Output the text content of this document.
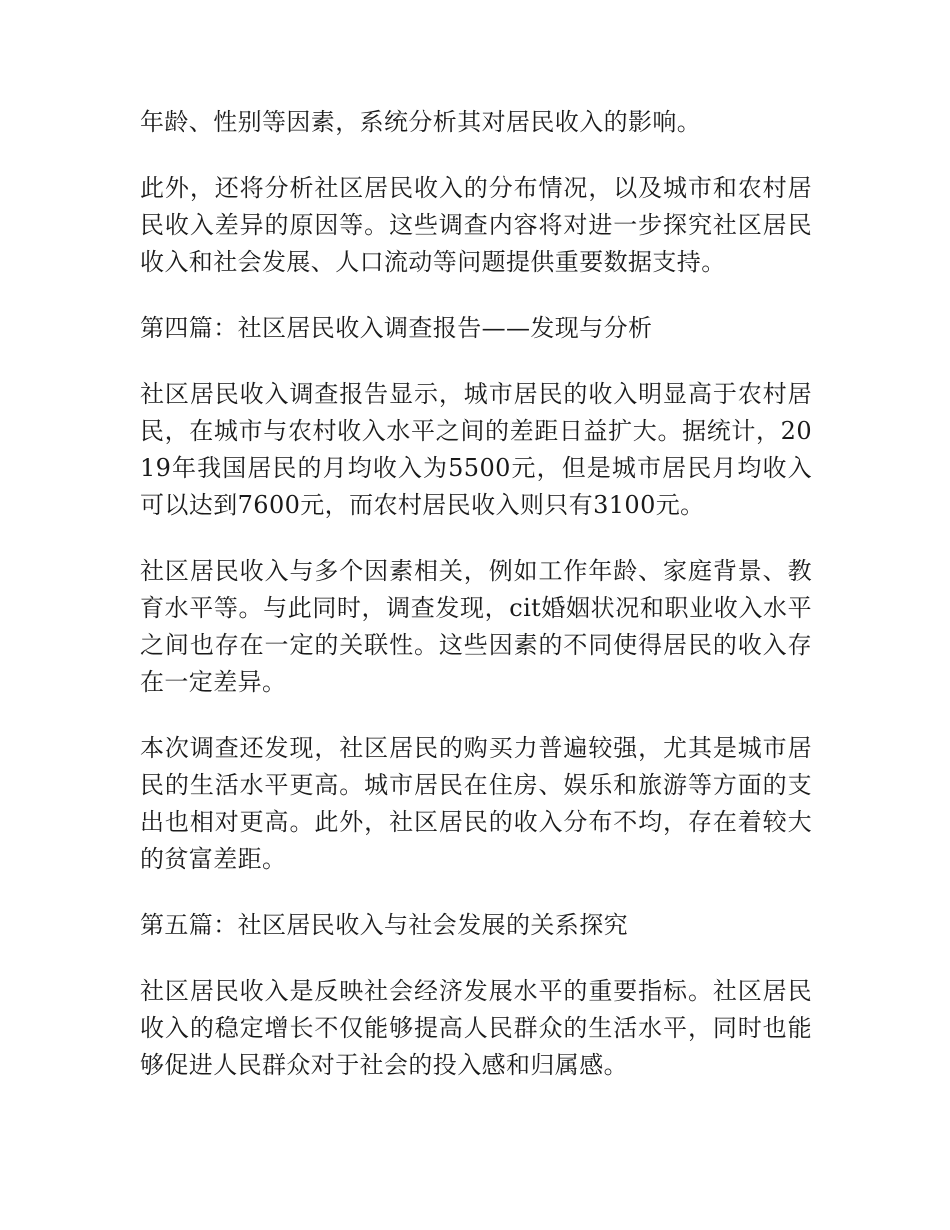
年龄、性别等因素，系统分析其对居民收入的影响。

此外，还将分析社区居民收入的分布情况，以及城市和农村居民收入差异的原因等。这些调查内容将对进一步探究社区居民收入和社会发展、人口流动等问题提供重要数据支持。

第四篇：社区居民收入调查报告——发现与分析

社区居民收入调查报告显示，城市居民的收入明显高于农村居民，在城市与农村收入水平之间的差距日益扩大。据统计，2019年我国居民的月均收入为5500元，但是城市居民月均收入可以达到7600元，而农村居民收入则只有3100元。

社区居民收入与多个因素相关，例如工作年龄、家庭背景、教育水平等。与此同时，调查发现，cit婚姻状况和职业收入水平之间也存在一定的关联性。这些因素的不同使得居民的收入存在一定差异。

本次调查还发现，社区居民的购买力普遍较强，尤其是城市居民的生活水平更高。城市居民在住房、娱乐和旅游等方面的支出也相对更高。此外，社区居民的收入分布不均，存在着较大的贫富差距。

第五篇：社区居民收入与社会发展的关系探究

社区居民收入是反映社会经济发展水平的重要指标。社区居民收入的稳定增长不仅能够提高人民群众的生活水平，同时也能够促进人民群众对于社会的投入感和归属感。
